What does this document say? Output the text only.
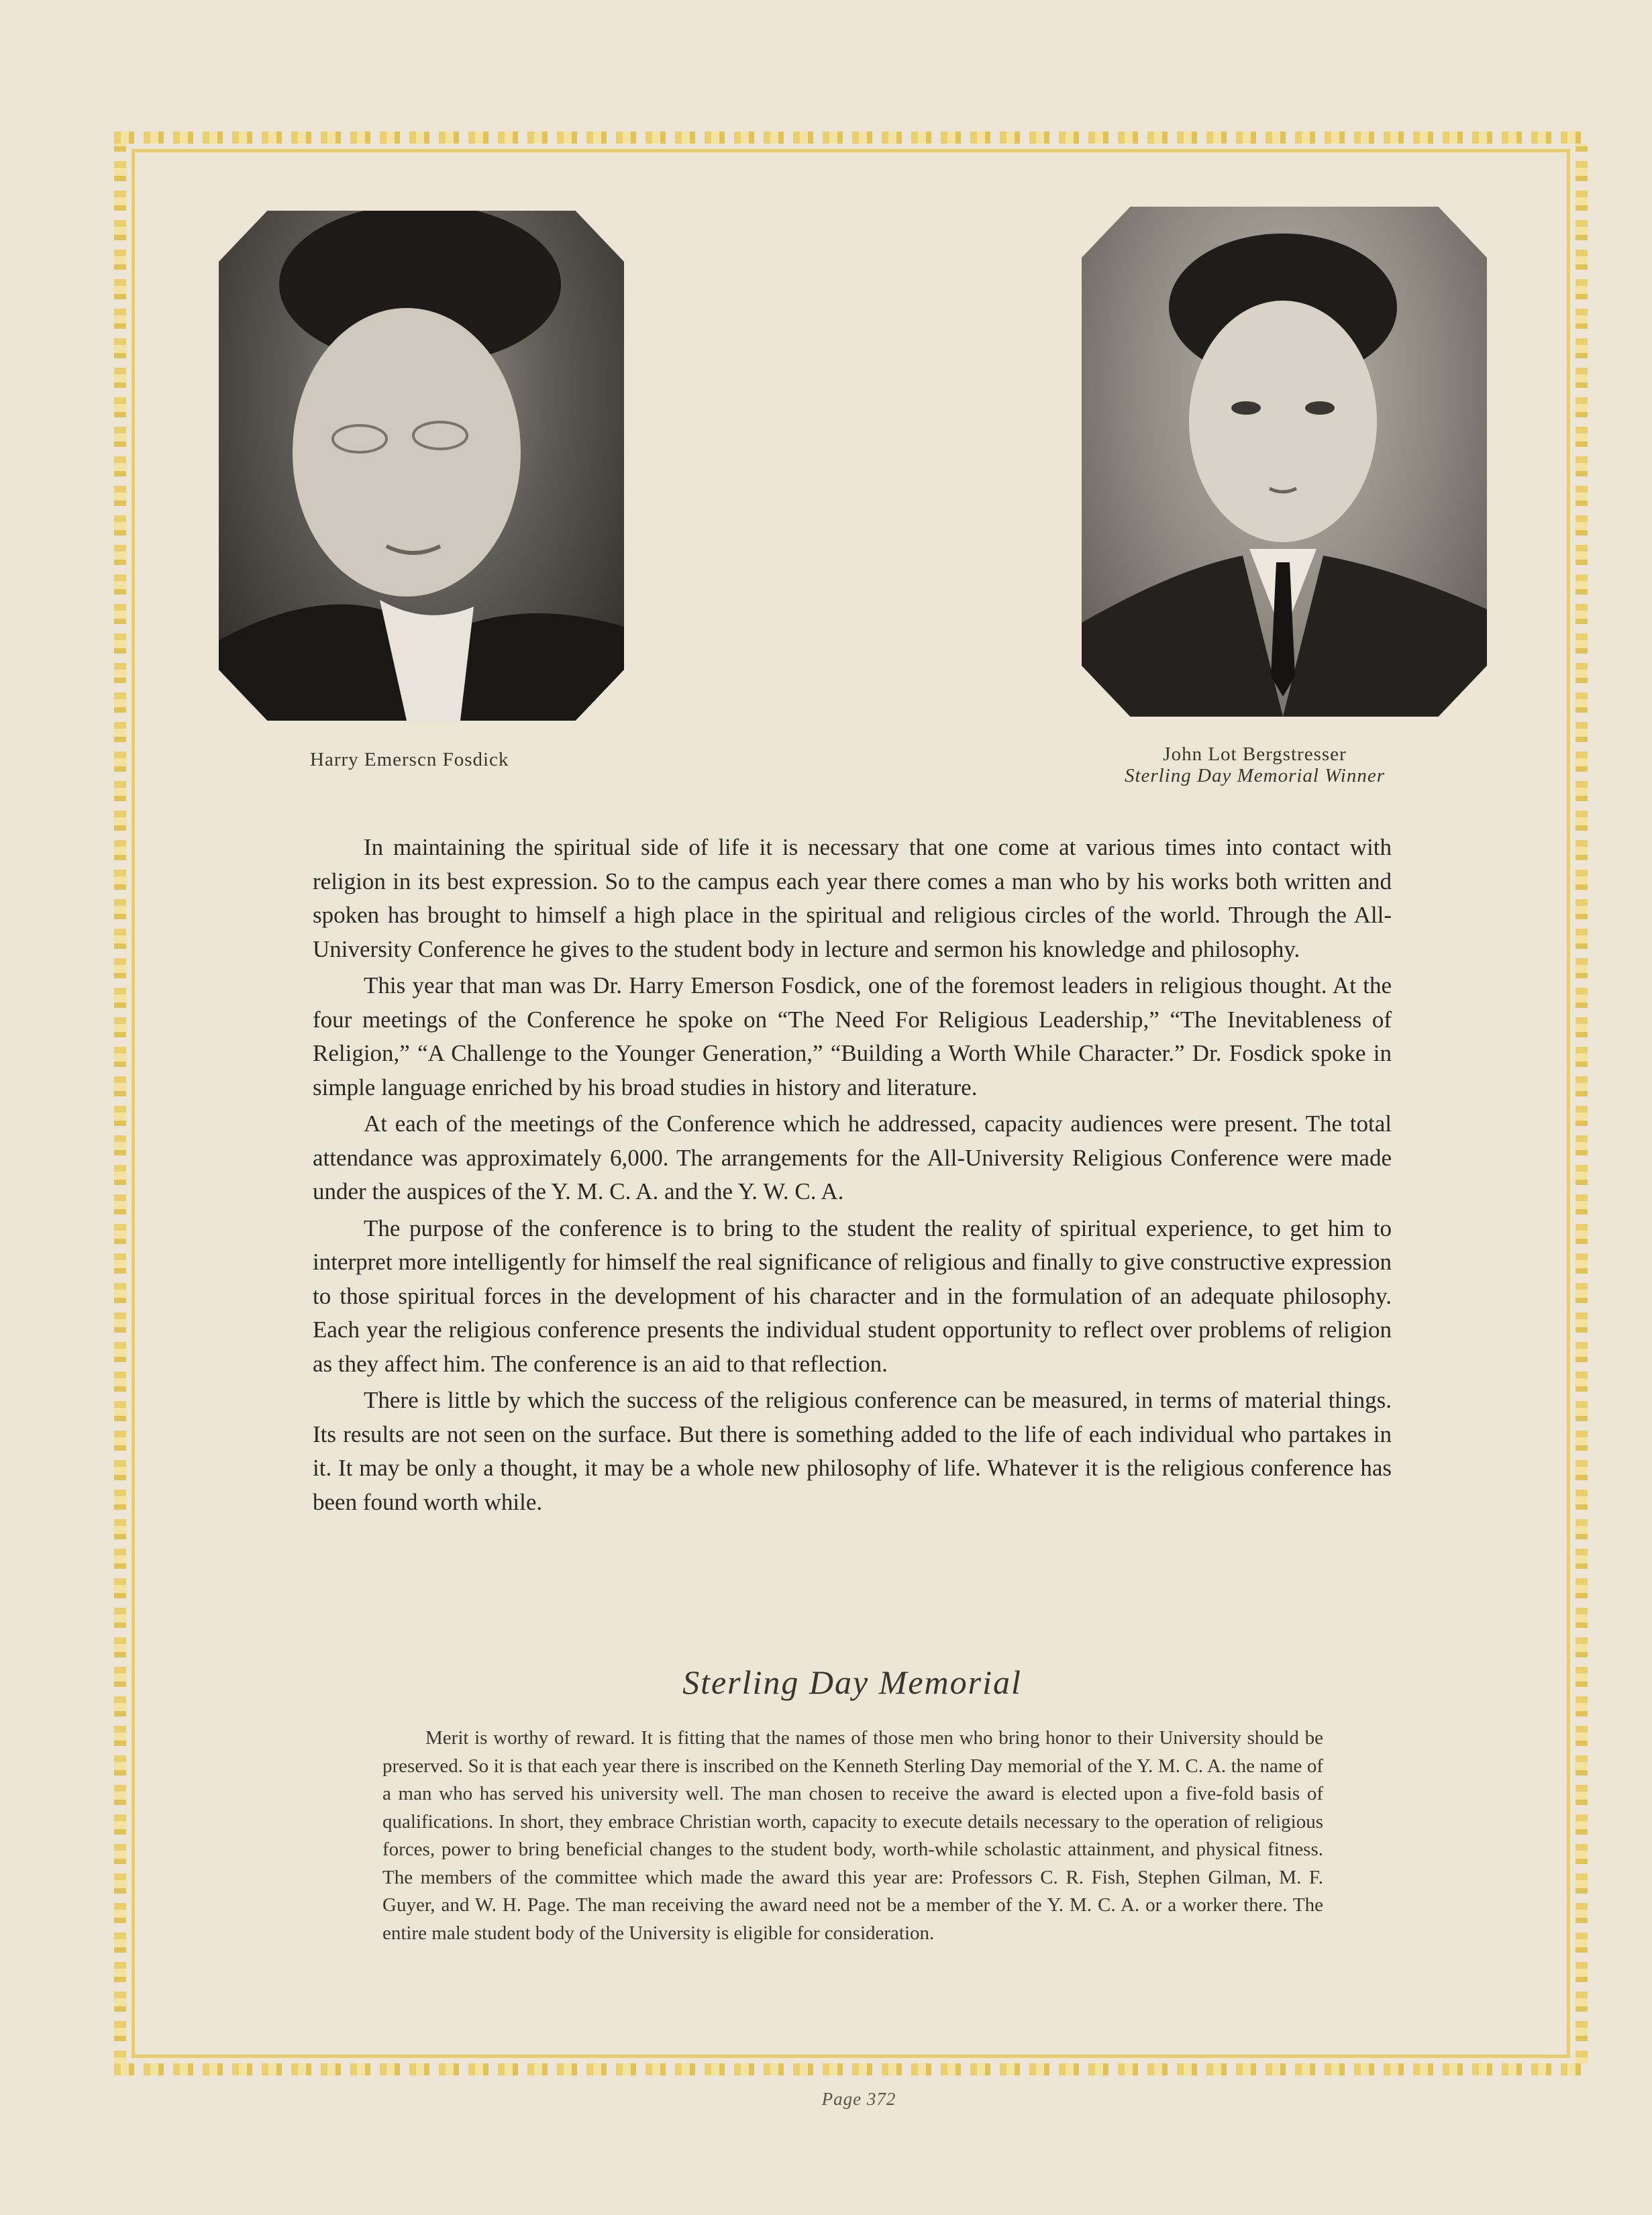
Harry Emersсn Fosdick	John Lot Bergstresser
Sterling Day Memorial Winner

In maintaining the spiritual side of life it is necessary that one come at various times into contact with religion in its best expression. So to the campus each year there comes a man who by his works both written and spoken has brought to himself a high place in the spiritual and religious circles of the world. Through the All-University Conference he gives to the student body in lecture and sermon his knowledge and philosophy.

This year that man was Dr. Harry Emerson Fosdick, one of the foremost leaders in religious thought. At the four meetings of the Conference he spoke on “The Need For Religious Leadership,” “The Inevitableness of Religion,” “A Challenge to the Younger Generation,” “Building a Worth While Character.” Dr. Fosdick spoke in simple language enriched by his broad studies in history and literature.

At each of the meetings of the Conference which he addressed, capacity audiences were present. The total attendance was approximately 6,000. The arrangements for the All-University Religious Conference were made under the auspices of the Y. M. C. A. and the Y. W. C. A.

The purpose of the conference is to bring to the student the reality of spiritual experience, to get him to interpret more intelligently for himself the real significance of religious and finally to give constructive expression to those spiritual forces in the development of his character and in the formulation of an adequate philosophy. Each year the religious conference presents the individual student opportunity to reflect over problems of religion as they affect him. The conference is an aid to that reflection.

There is little by which the success of the religious conference can be measured, in terms of material things. Its results are not seen on the surface. But there is something added to the life of each individual who partakes in it. It may be only a thought, it may be a whole new philosophy of life. Whatever it is the religious conference has been found worth while.

Sterling Day Memorial

Merit is worthy of reward. It is fitting that the names of those men who bring honor to their University should be preserved. So it is that each year there is inscribed on the Kenneth Sterling Day memorial of the Y. M. C. A. the name of a man who has served his university well. The man chosen to receive the award is elected upon a five-fold basis of qualifications. In short, they embrace Christian worth, capacity to execute details necessary to the operation of religious forces, power to bring beneficial changes to the student body, worth-while scholastic attainment, and physical fitness. The members of the committee which made the award this year are: Professors C. R. Fish, Stephen Gilman, M. F. Guyer, and W. H. Page. The man receiving the award need not be a member of the Y. M. C. A. or a worker there. The entire male student body of the University is eligible for consideration.

Page 372
